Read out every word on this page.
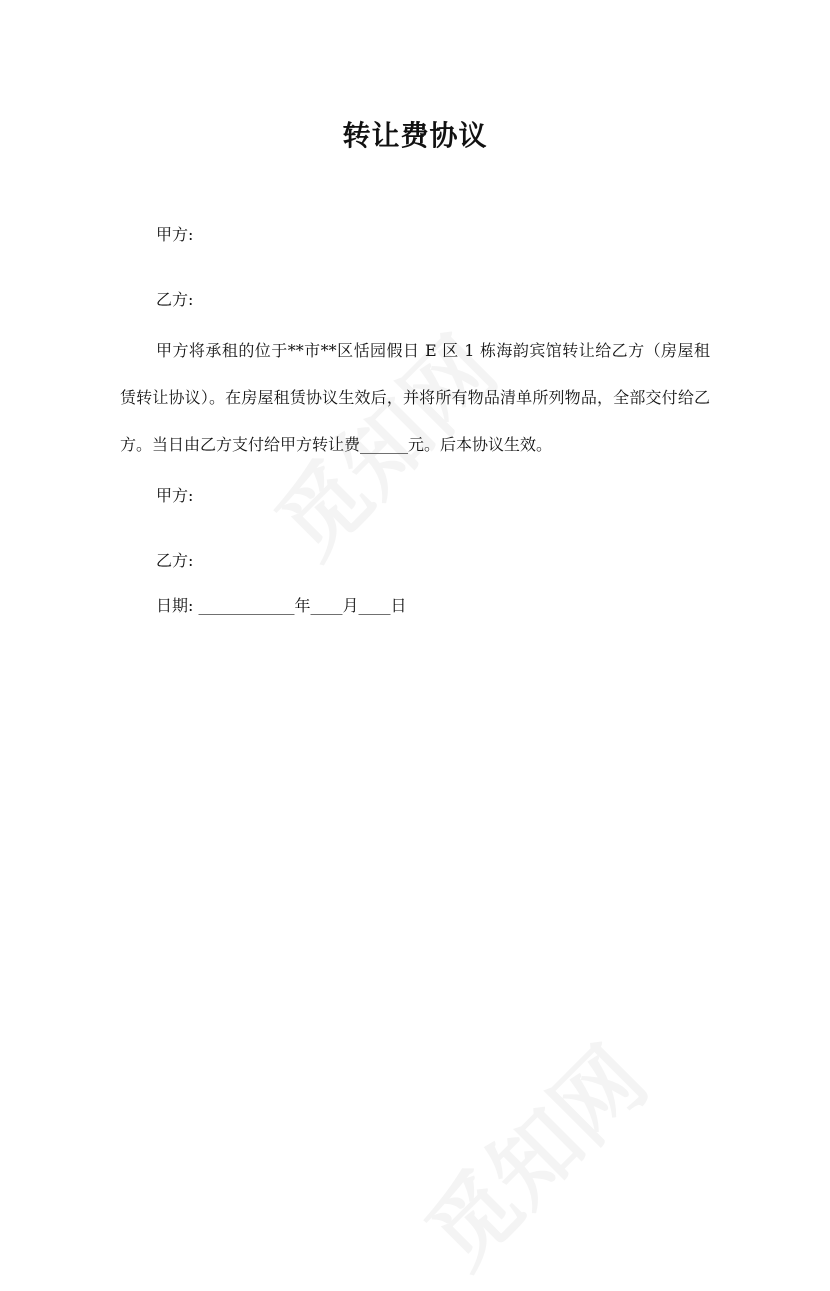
转让费协议
甲方:
乙方:
甲方将承租的位于**市**区恬园假日 E 区 1 栋海韵宾馆转让给乙方（房屋租赁转让协议）。在房屋租赁协议生效后，并将所有物品清单所列物品，全部交付给乙方。当日由乙方支付给甲方转让费______元。后本协议生效。
甲方:
乙方:
日期: ____________年____月____日
